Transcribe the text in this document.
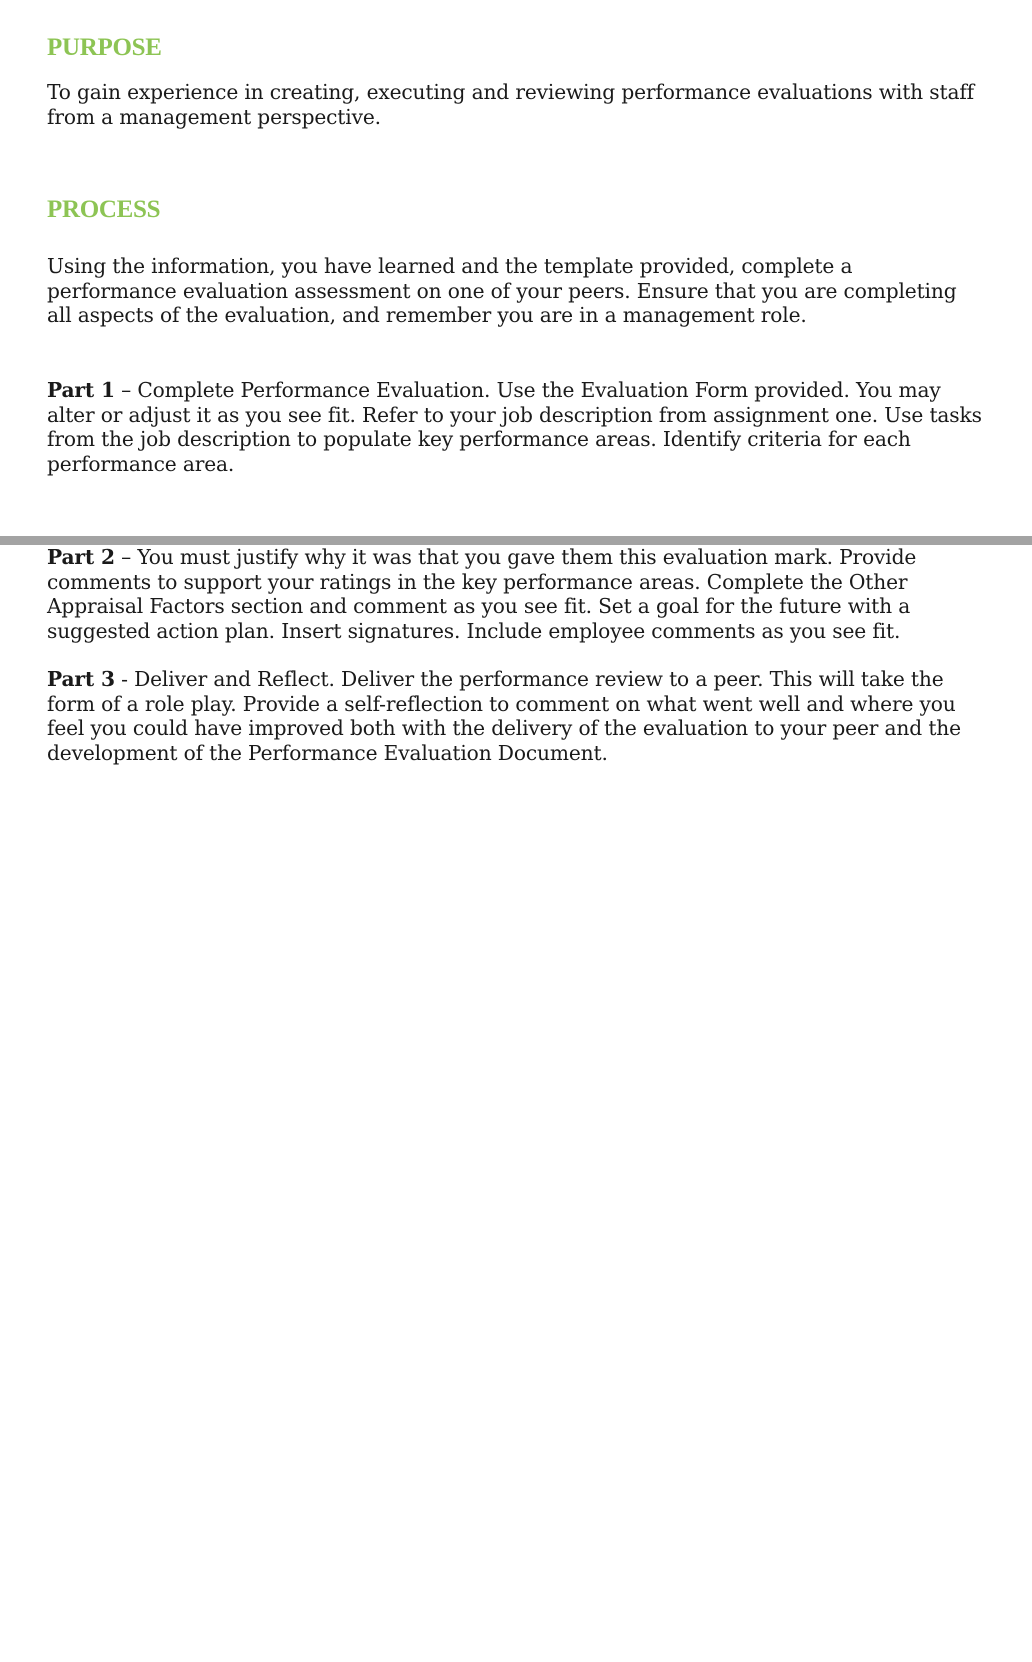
PURPOSE

To gain experience in creating, executing and reviewing performance evaluations with staff from a management perspective.

PROCESS

Using the information, you have learned and the template provided, complete a performance evaluation assessment on one of your peers. Ensure that you are completing all aspects of the evaluation, and remember you are in a management role.

Part 1 – Complete Performance Evaluation. Use the Evaluation Form provided. You may alter or adjust it as you see fit. Refer to your job description from assignment one. Use tasks from the job description to populate key performance areas. Identify criteria for each performance area.

Part 2 – You must justify why it was that you gave them this evaluation mark. Provide comments to support your ratings in the key performance areas. Complete the Other Appraisal Factors section and comment as you see fit. Set a goal for the future with a suggested action plan. Insert signatures. Include employee comments as you see fit.

Part 3 - Deliver and Reflect. Deliver the performance review to a peer. This will take the form of a role play. Provide a self-reflection to comment on what went well and where you feel you could have improved both with the delivery of the evaluation to your peer and the development of the Performance Evaluation Document.
